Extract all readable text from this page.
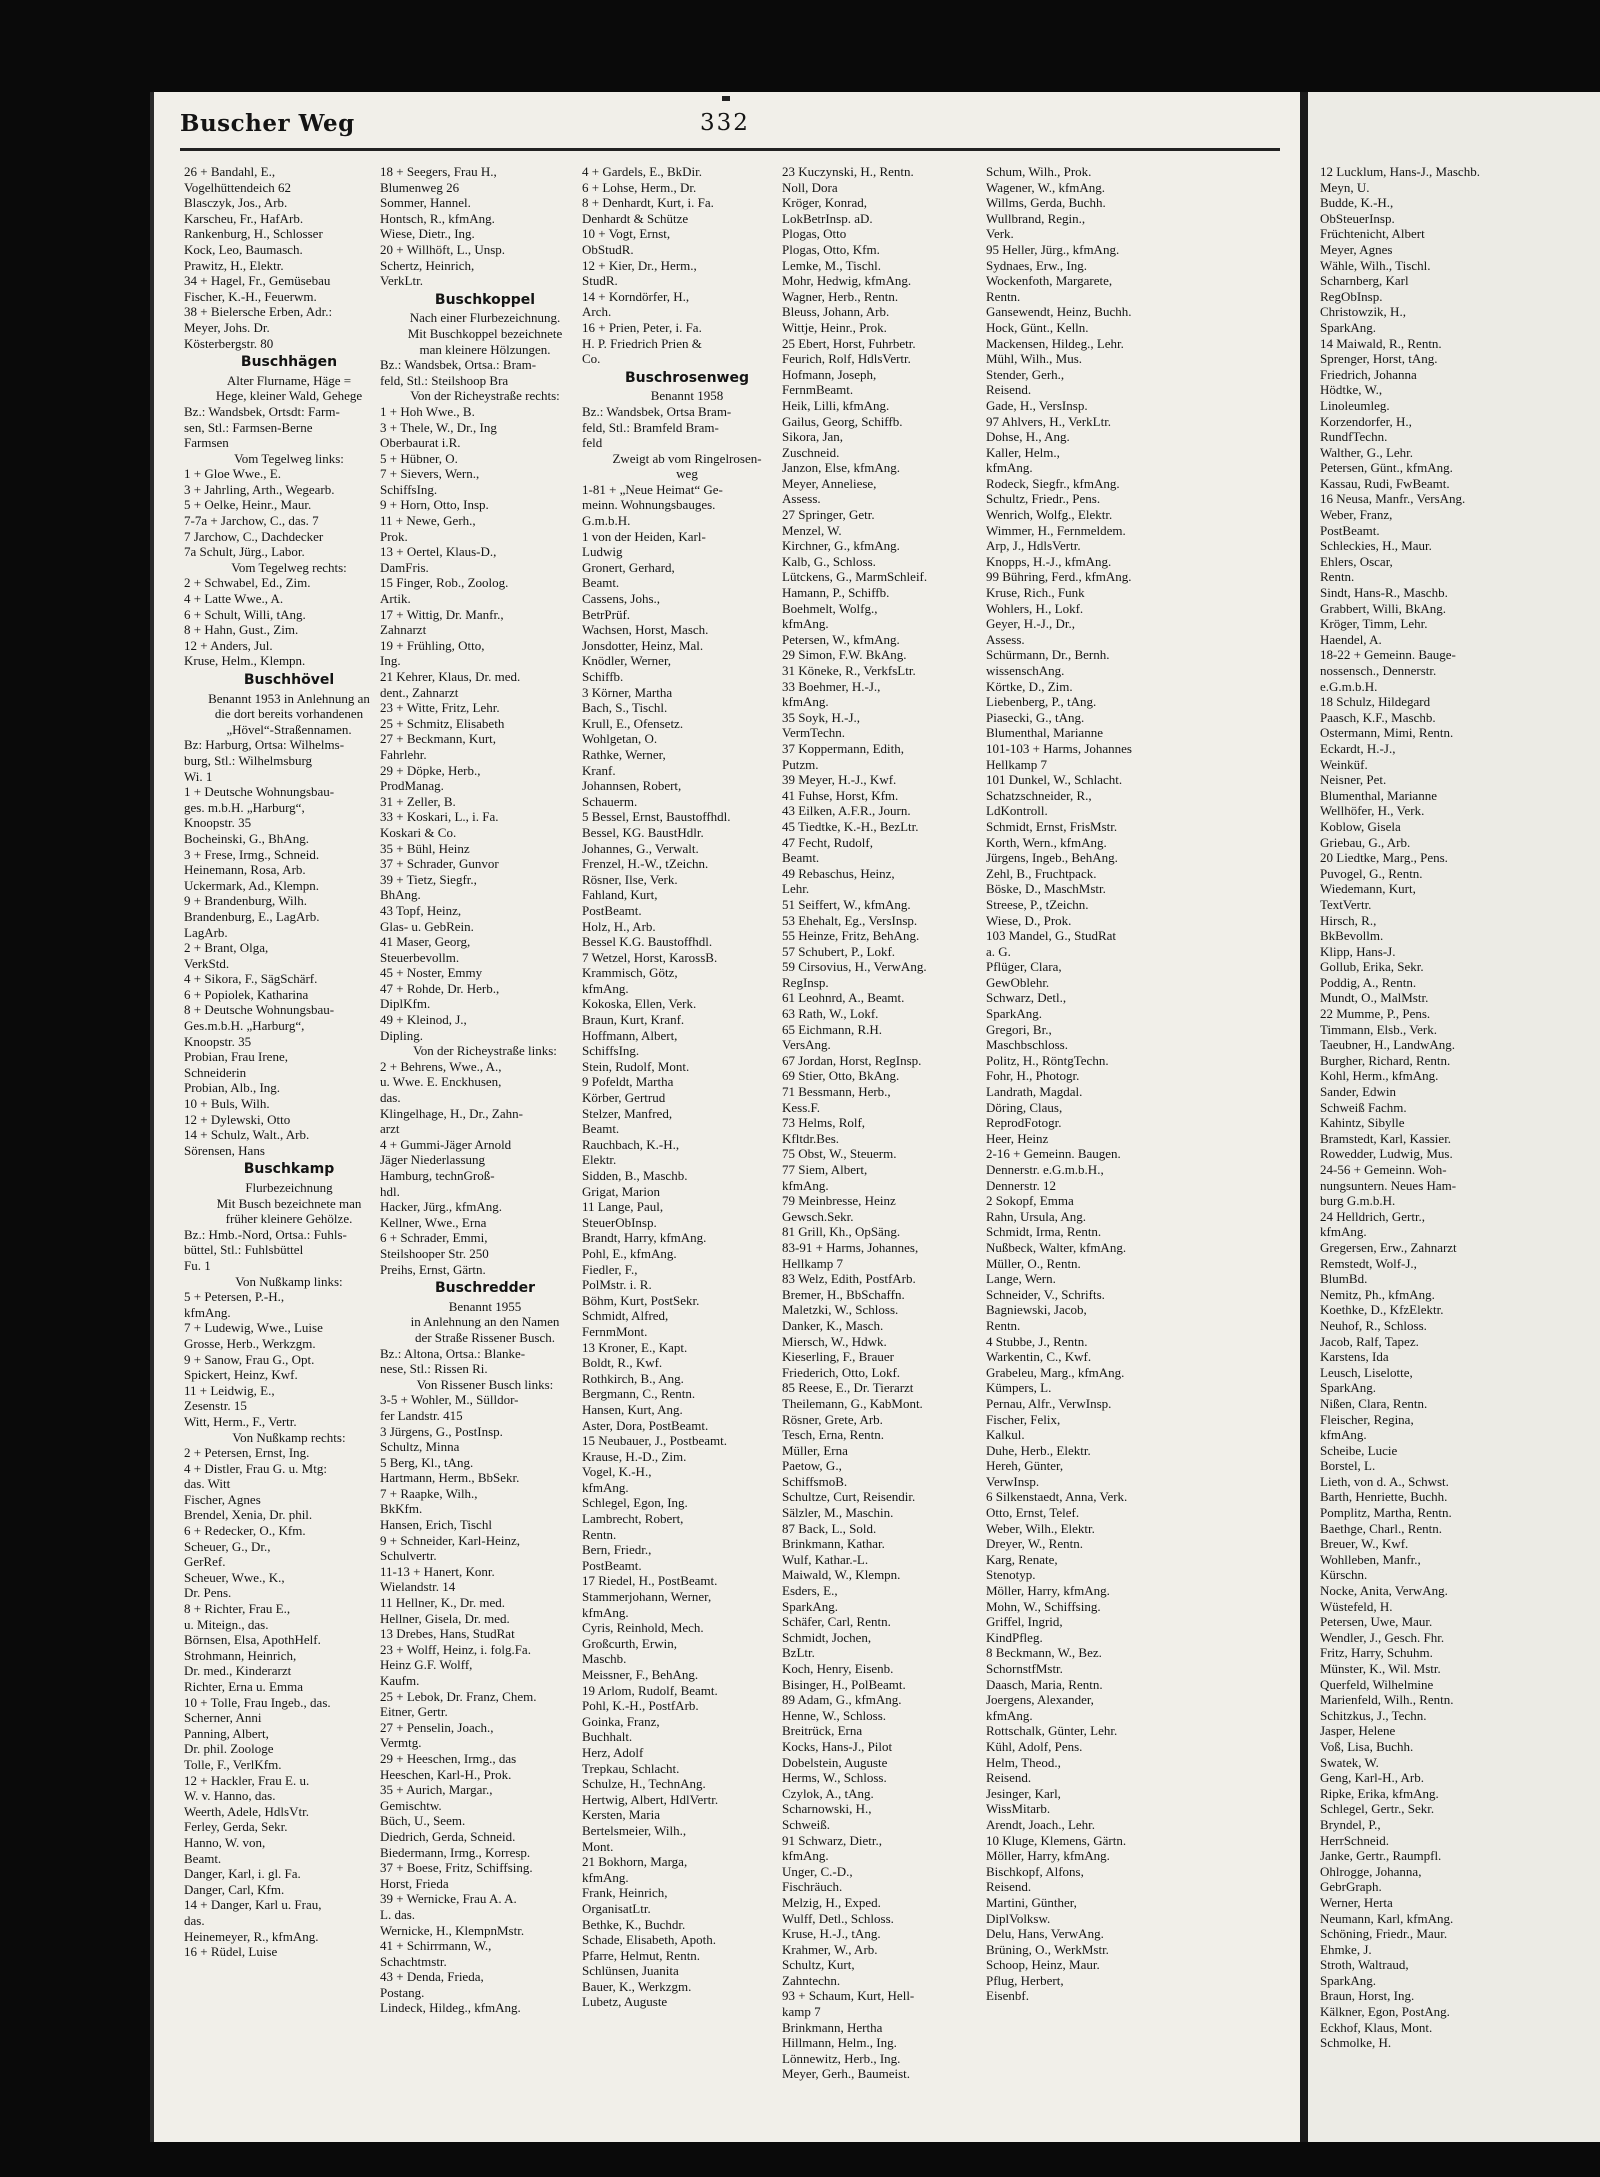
Buscher Weg	332
26 + Bandahl, E.,
Vogelhüttendeich 62
Blasczyk, Jos., Arb.
Karscheu, Fr., HafArb.
Rankenburg, H., Schlosser
Kock, Leo, Baumasch.
Prawitz, H., Elektr.
34 + Hagel, Fr., Gemüsebau
Fischer, K.-H., Feuerwm.
38 + Bielersche Erben, Adr.:
Meyer, Johs. Dr.
Kösterbergstr. 80
Buschhägen
Alter Flurname, Häge =
Hege, kleiner Wald, Gehege
Bz.: Wandsbek, Ortsdt: Farm-
sen, Stl.: Farmsen-Berne
Farmsen
Vom Tegelweg links:
1 + Gloe Wwe., E.
3 + Jahrling, Arth., Wegearb.
5 + Oelke, Heinr., Maur.
7-7a + Jarchow, C., das. 7
7 Jarchow, C., Dachdecker
7a Schult, Jürg., Labor.
Vom Tegelweg rechts:
2 + Schwabel, Ed., Zim.
4 + Latte Wwe., A.
6 + Schult, Willi, tAng.
8 + Hahn, Gust., Zim.
12 + Anders, Jul.
Kruse, Helm., Klempn.
Buschhövel
Benannt 1953 in Anlehnung an
die dort bereits vorhandenen
„Hövel“-Straßennamen.
Bz: Harburg, Ortsa: Wilhelms-
burg, Stl.: Wilhelmsburg
Wi. 1
1 + Deutsche Wohnungsbau-
ges. m.b.H. „Harburg“,
Knoopstr. 35
Bocheinski, G., BhAng.
3 + Frese, Irmg., Schneid.
Heinemann, Rosa, Arb.
Uckermark, Ad., Klempn.
9 + Brandenburg, Wilh.
Brandenburg, E., LagArb.
LagArb.
2 + Brant, Olga,
VerkStd.
4 + Sikora, F., SägSchärf.
6 + Popiolek, Katharina
8 + Deutsche Wohnungsbau-
Ges.m.b.H. „Harburg“,
Knoopstr. 35
Probian, Frau Irene,
Schneiderin
Probian, Alb., Ing.
10 + Buls, Wilh.
12 + Dylewski, Otto
14 + Schulz, Walt., Arb.
Sörensen, Hans
Buschkamp
Flurbezeichnung
Mit Busch bezeichnete man
früher kleinere Gehölze.
Bz.: Hmb.-Nord, Ortsa.: Fuhls-
büttel, Stl.: Fuhlsbüttel
Fu. 1
Von Nußkamp links:
5 + Petersen, P.-H.,
kfmAng.
7 + Ludewig, Wwe., Luise
Grosse, Herb., Werkzgm.
9 + Sanow, Frau G., Opt.
Spickert, Heinz, Kwf.
11 + Leidwig, E.,
Zesenstr. 15
Witt, Herm., F., Vertr.
Von Nußkamp rechts:
2 + Petersen, Ernst, Ing.
4 + Distler, Frau G. u. Mtg:
das. Witt
Fischer, Agnes
Brendel, Xenia, Dr. phil.
6 + Redecker, O., Kfm.
Scheuer, G., Dr.,
GerRef.
Scheuer, Wwe., K.,
Dr. Pens.
8 + Richter, Frau E.,
u. Miteign., das.
Börnsen, Elsa, ApothHelf.
Strohmann, Heinrich,
Dr. med., Kinderarzt
Richter, Erna u. Emma
10 + Tolle, Frau Ingeb., das.
Scherner, Anni
Panning, Albert,
Dr. phil. Zoologe
Tolle, F., VerlKfm.
12 + Hackler, Frau E. u.
W. v. Hanno, das.
Weerth, Adele, HdlsVtr.
Ferley, Gerda, Sekr.
Hanno, W. von,
Beamt.
Danger, Karl, i. gl. Fa.
Danger, Carl, Kfm.
14 + Danger, Karl u. Frau,
das.
Heinemeyer, R., kfmAng.
16 + Rüdel, Luise
18 + Seegers, Frau H.,
Blumenweg 26
Sommer, Hannel.
Hontsch, R., kfmAng.
Wiese, Dietr., Ing.
20 + Willhöft, L., Unsp.
Schertz, Heinrich,
VerkLtr.
Buschkoppel
Nach einer Flurbezeichnung.
Mit Buschkoppel bezeichnete
man kleinere Hölzungen.
Bz.: Wandsbek, Ortsa.: Bram-
feld, Stl.: Steilshoop Bra
Von der Richeystraße rechts:
1 + Hoh Wwe., B.
3 + Thele, W., Dr., Ing
Oberbaurat i.R.
5 + Hübner, O.
7 + Sievers, Wern.,
SchiffsIng.
9 + Horn, Otto, Insp.
11 + Newe, Gerh.,
Prok.
13 + Oertel, Klaus-D.,
DamFris.
15 Finger, Rob., Zoolog.
Artik.
17 + Wittig, Dr. Manfr.,
Zahnarzt
19 + Frühling, Otto,
Ing.
21 Kehrer, Klaus, Dr. med.
dent., Zahnarzt
23 + Witte, Fritz, Lehr.
25 + Schmitz, Elisabeth
27 + Beckmann, Kurt,
Fahrlehr.
29 + Döpke, Herb.,
ProdManag.
31 + Zeller, B.
33 + Koskari, L., i. Fa.
Koskari & Co.
35 + Bühl, Heinz
37 + Schrader, Gunvor
39 + Tietz, Siegfr.,
BhAng.
43 Topf, Heinz,
Glas- u. GebRein.
41 Maser, Georg,
Steuerbevollm.
45 + Noster, Emmy
47 + Rohde, Dr. Herb.,
DiplKfm.
49 + Kleinod, J.,
Dipling.
Von der Richeystraße links:
2 + Behrens, Wwe., A.,
u. Wwe. E. Enckhusen,
das.
Klingelhage, H., Dr., Zahn-
arzt
4 + Gummi-Jäger Arnold
Jäger Niederlassung
Hamburg, technGroß-
hdl.
Hacker, Jürg., kfmAng.
Kellner, Wwe., Erna
6 + Schrader, Emmi,
Steilshooper Str. 250
Preihs, Ernst, Gärtn.
Buschredder
Benannt 1955
in Anlehnung an den Namen
der Straße Rissener Busch.
Bz.: Altona, Ortsa.: Blanke-
nese, Stl.: Rissen Ri.
Von Rissener Busch links:
3-5 + Wohler, M., Sülldor-
fer Landstr. 415
3 Jürgens, G., PostInsp.
Schultz, Minna
5 Berg, Kl., tAng.
Hartmann, Herm., BbSekr.
7 + Raapke, Wilh.,
BkKfm.
Hansen, Erich, Tischl
9 + Schneider, Karl-Heinz,
Schulvertr.
11-13 + Hanert, Konr.
Wielandstr. 14
11 Hellner, K., Dr. med.
Hellner, Gisela, Dr. med.
13 Drebes, Hans, StudRat
23 + Wolff, Heinz, i. folg.Fa.
Heinz G.F. Wolff,
Kaufm.
25 + Lebok, Dr. Franz, Chem.
Eitner, Gertr.
27 + Penselin, Joach.,
Vermtg.
29 + Heeschen, Irmg., das
Heeschen, Karl-H., Prok.
35 + Aurich, Margar.,
Gemischtw.
Büch, U., Seem.
Diedrich, Gerda, Schneid.
Biedermann, Irmg., Korresp.
37 + Boese, Fritz, Schiffsing.
Horst, Frieda
39 + Wernicke, Frau A. A.
L. das.
Wernicke, H., KlempnMstr.
41 + Schirrmann, W.,
Schachtmstr.
43 + Denda, Frieda,
Postang.
Lindeck, Hildeg., kfmAng.
4 + Gardels, E., BkDir.
6 + Lohse, Herm., Dr.
8 + Denhardt, Kurt, i. Fa.
Denhardt & Schütze
10 + Vogt, Ernst,
ObStudR.
12 + Kier, Dr., Herm.,
StudR.
14 + Korndörfer, H.,
Arch.
16 + Prien, Peter, i. Fa.
H. P. Friedrich Prien &
Co.
Buschrosenweg
Benannt 1958
Bz.: Wandsbek, Ortsa Bram-
feld, Stl.: Bramfeld Bram-
feld
Zweigt ab vom Ringelrosen-
weg
1-81 + „Neue Heimat“ Ge-
meinn. Wohnungsbauges.
G.m.b.H.
1 von der Heiden, Karl-
Ludwig
Gronert, Gerhard,
Beamt.
Cassens, Johs.,
BetrPrüf.
Wachsen, Horst, Masch.
Jonsdotter, Heinz, Mal.
Knödler, Werner,
Schiffb.
3 Körner, Martha
Bach, S., Tischl.
Krull, E., Ofensetz.
Wohlgetan, O.
Rathke, Werner,
Kranf.
Johannsen, Robert,
Schauerm.
5 Bessel, Ernst, Baustoffhdl.
Bessel, KG. BaustHdlr.
Johannes, G., Verwalt.
Frenzel, H.-W., tZeichn.
Rösner, Ilse, Verk.
Fahland, Kurt,
PostBeamt.
Holz, H., Arb.
Bessel K.G. Baustoffhdl.
7 Wetzel, Horst, KarossB.
Krammisch, Götz,
kfmAng.
Kokoska, Ellen, Verk.
Braun, Kurt, Kranf.
Hoffmann, Albert,
SchiffsIng.
Stein, Rudolf, Mont.
9 Pofeldt, Martha
Körber, Gertrud
Stelzer, Manfred,
Beamt.
Rauchbach, K.-H.,
Elektr.
Sidden, B., Maschb.
Grigat, Marion
11 Lange, Paul,
SteuerObInsp.
Brandt, Harry, kfmAng.
Pohl, E., kfmAng.
Fiedler, F.,
PolMstr. i. R.
Böhm, Kurt, PostSekr.
Schmidt, Alfred,
FernmMont.
13 Kroner, E., Kapt.
Boldt, R., Kwf.
Rothkirch, B., Ang.
Bergmann, C., Rentn.
Hansen, Kurt, Ang.
Aster, Dora, PostBeamt.
15 Neubauer, J., Postbeamt.
Krause, H.-D., Zim.
Vogel, K.-H.,
kfmAng.
Schlegel, Egon, Ing.
Lambrecht, Robert,
Rentn.
Bern, Friedr.,
PostBeamt.
17 Riedel, H., PostBeamt.
Stammerjohann, Werner,
kfmAng.
Cyris, Reinhold, Mech.
Großcurth, Erwin,
Maschb.
Meissner, F., BehAng.
19 Arlom, Rudolf, Beamt.
Pohl, K.-H., PostfArb.
Goinka, Franz,
Buchhalt.
Herz, Adolf
Trepkau, Schlacht.
Schulze, H., TechnAng.
Hertwig, Albert, HdlVertr.
Kersten, Maria
Bertelsmeier, Wilh.,
Mont.
21 Bokhorn, Marga,
kfmAng.
Frank, Heinrich,
OrganisatLtr.
Bethke, K., Buchdr.
Schade, Elisabeth, Apoth.
Pfarre, Helmut, Rentn.
Schlünsen, Juanita
Bauer, K., Werkzgm.
Lubetz, Auguste
23 Kuczynski, H., Rentn.
Noll, Dora
Kröger, Konrad,
LokBetrInsp. aD.
Plogas, Otto
Plogas, Otto, Kfm.
Lemke, M., Tischl.
Mohr, Hedwig, kfmAng.
Wagner, Herb., Rentn.
Bleuss, Johann, Arb.
Wittje, Heinr., Prok.
25 Ebert, Horst, Fuhrbetr.
Feurich, Rolf, HdlsVertr.
Hofmann, Joseph,
FernmBeamt.
Heik, Lilli, kfmAng.
Gailus, Georg, Schiffb.
Sikora, Jan,
Zuschneid.
Janzon, Else, kfmAng.
Meyer, Anneliese,
Assess.
27 Springer, Getr.
Menzel, W.
Kirchner, G., kfmAng.
Kalb, G., Schloss.
Lütckens, G., MarmSchleif.
Hamann, P., Schiffb.
Boehmelt, Wolfg.,
kfmAng.
Petersen, W., kfmAng.
29 Simon, F.W. BkAng.
31 Köneke, R., VerkfsLtr.
33 Boehmer, H.-J.,
kfmAng.
35 Soyk, H.-J.,
VermTechn.
37 Koppermann, Edith,
Putzm.
39 Meyer, H.-J., Kwf.
41 Fuhse, Horst, Kfm.
43 Eilken, A.F.R., Journ.
45 Tiedtke, K.-H., BezLtr.
47 Fecht, Rudolf,
Beamt.
49 Rebaschus, Heinz,
Lehr.
51 Seiffert, W., kfmAng.
53 Ehehalt, Eg., VersInsp.
55 Heinze, Fritz, BehAng.
57 Schubert, P., Lokf.
59 Cirsovius, H., VerwAng.
RegInsp.
61 Leohnrd, A., Beamt.
63 Rath, W., Lokf.
65 Eichmann, R.H.
VersAng.
67 Jordan, Horst, RegInsp.
69 Stier, Otto, BkAng.
71 Bessmann, Herb.,
Kess.F.
73 Helms, Rolf,
Kfltdr.Bes.
75 Obst, W., Steuerm.
77 Siem, Albert,
kfmAng.
79 Meinbresse, Heinz
Gewsch.Sekr.
81 Grill, Kh., OpSäng.
83-91 + Harms, Johannes,
Hellkamp 7
83 Welz, Edith, PostfArb.
Bremer, H., BbSchaffn.
Maletzki, W., Schloss.
Danker, K., Masch.
Miersch, W., Hdwk.
Kieserling, F., Brauer
Friederich, Otto, Lokf.
85 Reese, E., Dr. Tierarzt
Theilemann, G., KabMont.
Rösner, Grete, Arb.
Tesch, Erna, Rentn.
Müller, Erna
Paetow, G.,
SchiffsmoB.
Schultze, Curt, Reisendir.
Sälzler, M., Maschin.
87 Back, L., Sold.
Brinkmann, Kathar.
Wulf, Kathar.-L.
Maiwald, W., Klempn.
Esders, E.,
SparkAng.
Schäfer, Carl, Rentn.
Schmidt, Jochen,
BzLtr.
Koch, Henry, Eisenb.
Bisinger, H., PolBeamt.
89 Adam, G., kfmAng.
Henne, W., Schloss.
Breitrück, Erna
Kocks, Hans-J., Pilot
Dobelstein, Auguste
Herms, W., Schloss.
Czylok, A., tAng.
Scharnowski, H.,
Schweiß.
91 Schwarz, Dietr.,
kfmAng.
Unger, C.-D.,
Fischräuch.
Melzig, H., Exped.
Wulff, Detl., Schloss.
Kruse, H.-J., tAng.
Krahmer, W., Arb.
Schultz, Kurt,
Zahntechn.
93 + Schaum, Kurt, Hell-
kamp 7
Brinkmann, Hertha
Hillmann, Helm., Ing.
Lönnewitz, Herb., Ing.
Meyer, Gerh., Baumeist.
Schum, Wilh., Prok.
Wagener, W., kfmAng.
Willms, Gerda, Buchh.
Wullbrand, Regin.,
Verk.
95 Heller, Jürg., kfmAng.
Sydnaes, Erw., Ing.
Wockenfoth, Margarete,
Rentn.
Gansewendt, Heinz, Buchh.
Hock, Günt., Kelln.
Mackensen, Hildeg., Lehr.
Mühl, Wilh., Mus.
Stender, Gerh.,
Reisend.
Gade, H., VersInsp.
97 Ahlvers, H., VerkLtr.
Dohse, H., Ang.
Kaller, Helm.,
kfmAng.
Rodeck, Siegfr., kfmAng.
Schultz, Friedr., Pens.
Wenrich, Wolfg., Elektr.
Wimmer, H., Fernmeldem.
Arp, J., HdlsVertr.
Knopps, H.-J., kfmAng.
99 Bühring, Ferd., kfmAng.
Kruse, Rich., Funk
Wohlers, H., Lokf.
Geyer, H.-J., Dr.,
Assess.
Schürmann, Dr., Bernh.
wissenschAng.
Körtke, D., Zim.
Liebenberg, P., tAng.
Piasecki, G., tAng.
Blumenthal, Marianne
101-103 + Harms, Johannes
Hellkamp 7
101 Dunkel, W., Schlacht.
Schatzschneider, R.,
LdKontroll.
Schmidt, Ernst, FrisMstr.
Korth, Wern., kfmAng.
Jürgens, Ingeb., BehAng.
Zehl, B., Fruchtpack.
Böske, D., MaschMstr.
Streese, P., tZeichn.
Wiese, D., Prok.
103 Mandel, G., StudRat
a. G.
Pflüger, Clara,
GewOblehr.
Schwarz, Detl.,
SparkAng.
Gregori, Br.,
Maschbschloss.
Politz, H., RöntgTechn.
Fohr, H., Photogr.
Landrath, Magdal.
Döring, Claus,
ReprodFotogr.
Heer, Heinz
2-16 + Gemeinn. Baugen.
Dennerstr. e.G.m.b.H.,
Dennerstr. 12
2 Sokopf, Emma
Rahn, Ursula, Ang.
Schmidt, Irma, Rentn.
Nußbeck, Walter, kfmAng.
Müller, O., Rentn.
Lange, Wern.
Schneider, V., Schrifts.
Bagniewski, Jacob,
Rentn.
4 Stubbe, J., Rentn.
Warkentin, C., Kwf.
Grabeleu, Marg., kfmAng.
Kümpers, L.
Pernau, Alfr., VerwInsp.
Fischer, Felix,
Kalkul.
Duhe, Herb., Elektr.
Hereh, Günter,
VerwInsp.
6 Silkenstaedt, Anna, Verk.
Otto, Ernst, Telef.
Weber, Wilh., Elektr.
Dreyer, W., Rentn.
Karg, Renate,
Stenotyp.
Möller, Harry, kfmAng.
Mohn, W., Schiffsing.
Griffel, Ingrid,
KindPfleg.
8 Beckmann, W., Bez.
SchornstfMstr.
Daasch, Maria, Rentn.
Joergens, Alexander,
kfmAng.
Rottschalk, Günter, Lehr.
Kühl, Adolf, Pens.
Helm, Theod.,
Reisend.
Jesinger, Karl,
WissMitarb.
Arendt, Joach., Lehr.
10 Kluge, Klemens, Gärtn.
Möller, Harry, kfmAng.
Bischkopf, Alfons,
Reisend.
Martini, Günther,
DiplVolksw.
Delu, Hans, VerwAng.
Brüning, O., WerkMstr.
Schoop, Heinz, Maur.
Pflug, Herbert,
Eisenbf.
12 Lucklum, Hans-J., Maschb.
Meyn, U.
Budde, K.-H.,
ObSteuerInsp.
Früchtenicht, Albert
Meyer, Agnes
Wähle, Wilh., Tischl.
Scharnberg, Karl
RegObInsp.
Christowzik, H.,
SparkAng.
14 Maiwald, R., Rentn.
Sprenger, Horst, tAng.
Friedrich, Johanna
Hödtke, W.,
Linoleumleg.
Korzendorfer, H.,
RundfTechn.
Walther, G., Lehr.
Petersen, Günt., kfmAng.
Kassau, Rudi, FwBeamt.
16 Neusa, Manfr., VersAng.
Weber, Franz,
PostBeamt.
Schleckies, H., Maur.
Ehlers, Oscar,
Rentn.
Sindt, Hans-R., Maschb.
Grabbert, Willi, BkAng.
Kröger, Timm, Lehr.
Haendel, A.
18-22 + Gemeinn. Bauge-
nossensch., Dennerstr.
e.G.m.b.H.
18 Schulz, Hildegard
Paasch, K.F., Maschb.
Ostermann, Mimi, Rentn.
Eckardt, H.-J.,
Weinküf.
Neisner, Pet.
Blumenthal, Marianne
Wellhöfer, H., Verk.
Koblow, Gisela
Griebau, G., Arb.
20 Liedtke, Marg., Pens.
Puvogel, G., Rentn.
Wiedemann, Kurt,
TextVertr.
Hirsch, R.,
BkBevollm.
Klipp, Hans-J.
Gollub, Erika, Sekr.
Poddig, A., Rentn.
Mundt, O., MalMstr.
22 Mumme, P., Pens.
Timmann, Elsb., Verk.
Taeubner, H., LandwAng.
Burgher, Richard, Rentn.
Kohl, Herm., kfmAng.
Sander, Edwin
Schweiß Fachm.
Kahintz, Sibylle
Bramstedt, Karl, Kassier.
Rowedder, Ludwig, Mus.
24-56 + Gemeinn. Woh-
nungsuntern. Neues Ham-
burg G.m.b.H.
24 Helldrich, Gertr.,
kfmAng.
Gregersen, Erw., Zahnarzt
Remstedt, Wolf-J.,
BlumBd.
Nemitz, Ph., kfmAng.
Koethke, D., KfzElektr.
Neuhof, R., Schloss.
Jacob, Ralf, Tapez.
Karstens, Ida
Leusch, Liselotte,
SparkAng.
Nißen, Clara, Rentn.
Fleischer, Regina,
kfmAng.
Scheibe, Lucie
Borstel, L.
Lieth, von d. A., Schwst.
Barth, Henriette, Buchh.
Pomplitz, Martha, Rentn.
Baethge, Charl., Rentn.
Breuer, W., Kwf.
Wohlleben, Manfr.,
Kürschn.
Nocke, Anita, VerwAng.
Wüstefeld, H.
Petersen, Uwe, Maur.
Wendler, J., Gesch. Fhr.
Fritz, Harry, Schuhm.
Münster, K., Wil. Mstr.
Querfeld, Wilhelmine
Marienfeld, Wilh., Rentn.
Schitzkus, J., Techn.
Jasper, Helene
Voß, Lisa, Buchh.
Swatek, W.
Geng, Karl-H., Arb.
Ripke, Erika, kfmAng.
Schlegel, Gertr., Sekr.
Bryndel, P.,
HerrSchneid.
Janke, Gertr., Raumpfl.
Ohlrogge, Johanna,
GebrGraph.
Werner, Herta
Neumann, Karl, kfmAng.
Schöning, Friedr., Maur.
Ehmke, J.
Stroth, Waltraud,
SparkAng.
Braun, Horst, Ing.
Kälkner, Egon, PostAng.
Eckhof, Klaus, Mont.
Schmolke, H.
